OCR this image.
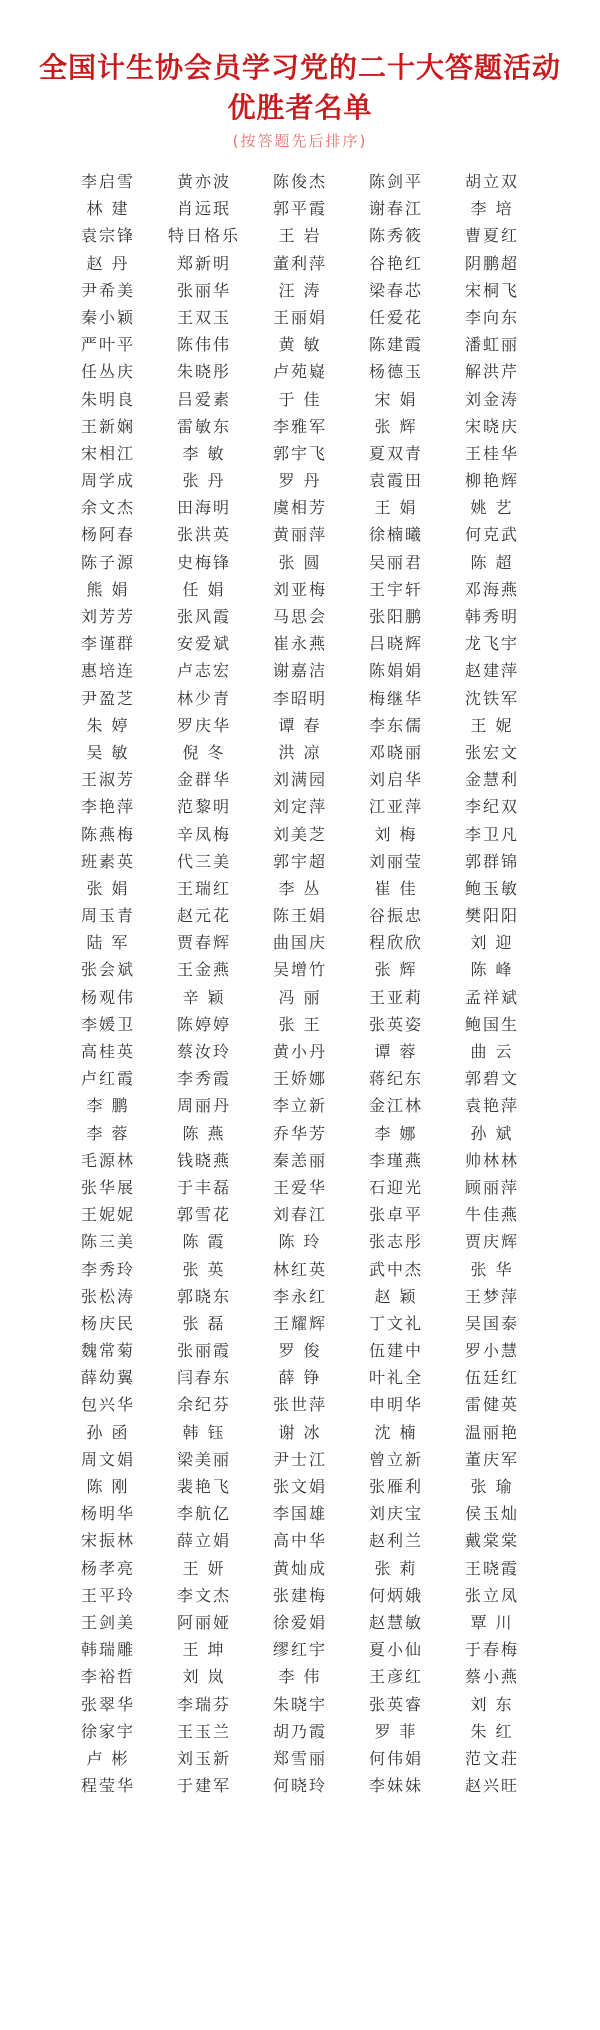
全国计生协会员学习党的二十大答题活动
优胜者名单
(按答题先后排序)
李启雪	黄亦波	陈俊杰	陈剑平	胡立双
林 建	肖远珉	郭平霞	谢春江	李 培
袁宗锋	特日格乐	王 岩	陈秀筱	曹夏红
赵 丹	郑新明	董利萍	谷艳红	阴鹏超
尹希美	张丽华	汪 涛	梁春芯	宋桐飞
秦小颖	王双玉	王丽娟	任爱花	李向东
严叶平	陈伟伟	黄 敏	陈建霞	潘虹丽
任丛庆	朱晓彤	卢苑嶷	杨德玉	解洪芹
朱明良	吕爱素	于 佳	宋 娟	刘金涛
王新娴	雷敏东	李雅军	张 辉	宋晓庆
宋相江	李 敏	郭宇飞	夏双青	王桂华
周学成	张 丹	罗 丹	袁霞田	柳艳辉
余文杰	田海明	虞相芳	王 娟	姚 艺
杨阿春	张洪英	黄丽萍	徐楠曦	何克武
陈子源	史梅锋	张 圆	吴丽君	陈 超
熊 娟	任 娟	刘亚梅	王宇轩	邓海燕
刘芳芳	张风霞	马思会	张阳鹏	韩秀明
李谨群	安爱斌	崔永燕	吕晓辉	龙飞宇
惠培连	卢志宏	谢嘉洁	陈娟娟	赵建萍
尹盈芝	林少青	李昭明	梅继华	沈铁军
朱 婷	罗庆华	谭 春	李东儒	王 妮
吴 敏	倪 冬	洪 凉	邓晓丽	张宏文
王淑芳	金群华	刘满园	刘启华	金慧利
李艳萍	范黎明	刘定萍	江亚萍	李纪双
陈燕梅	辛凤梅	刘美芝	刘 梅	李卫凡
班素英	代三美	郭宇超	刘丽莹	郭群锦
张 娟	王瑞红	李 丛	崔 佳	鲍玉敏
周玉青	赵元花	陈王娟	谷振忠	樊阳阳
陆 军	贾春辉	曲国庆	程欣欣	刘 迎
张会斌	王金燕	吴增竹	张 辉	陈 峰
杨观伟	辛 颖	冯 丽	王亚莉	孟祥斌
李媛卫	陈婷婷	张 王	张英姿	鲍国生
高桂英	蔡汝玲	黄小丹	谭 蓉	曲 云
卢红霞	李秀霞	王娇娜	蒋纪东	郭碧文
李 鹏	周丽丹	李立新	金江林	袁艳萍
李 蓉	陈 燕	乔华芳	李 娜	孙 斌
毛源林	钱晓燕	秦恙丽	李瑾燕	帅林林
张华展	于丰磊	王爱华	石迎光	顾丽萍
王妮妮	郭雪花	刘春江	张卓平	牛佳燕
陈三美	陈 霞	陈 玲	张志彤	贾庆辉
李秀玲	张 英	林红英	武中杰	张 华
张松涛	郭晓东	李永红	赵 颖	王梦萍
杨庆民	张 磊	王耀辉	丁文礼	吴国泰
魏常菊	张丽霞	罗 俊	伍建中	罗小慧
薛幼翼	闫春东	薛 铮	叶礼全	伍廷红
包兴华	余纪芬	张世萍	申明华	雷健英
孙 函	韩 钰	谢 冰	沈 楠	温丽艳
周文娟	梁美丽	尹士江	曾立新	董庆军
陈 刚	裴艳飞	张文娟	张雁利	张 瑜
杨明华	李航亿	李国雄	刘庆宝	侯玉灿
宋振林	薛立娟	高中华	赵利兰	戴棠棠
杨孝亮	王 妍	黄灿成	张 莉	王晓霞
王平玲	李文杰	张建梅	何炳娥	张立凤
王剑美	阿丽娅	徐爱娟	赵慧敏	覃 川
韩瑞雕	王 坤	缪红宇	夏小仙	于春梅
李裕哲	刘 岚	李 伟	王彦红	蔡小燕
张翠华	李瑞芬	朱晓宇	张英睿	刘 东
徐家宇	王玉兰	胡乃霞	罗 菲	朱 红
卢 彬	刘玉新	郑雪丽	何伟娟	范文荘
程莹华	于建军	何晓玲	李妹妹	赵兴旺
